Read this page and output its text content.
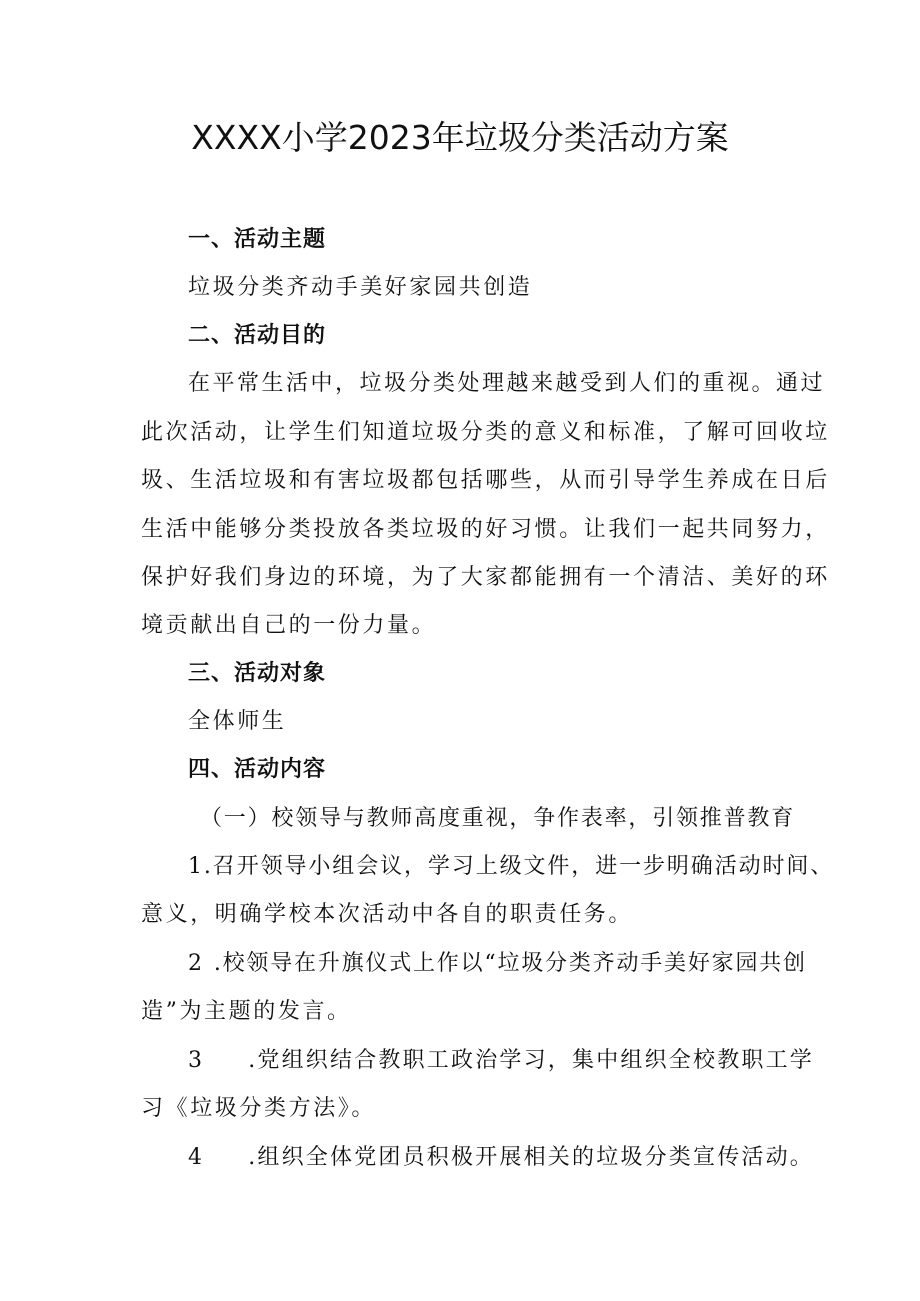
XXXX小学2023年垃圾分类活动方案
一、活动主题
垃圾分类齐动手美好家园共创造
二、活动目的
在平常生活中，垃圾分类处理越来越受到人们的重视。通过
此次活动，让学生们知道垃圾分类的意义和标准，了解可回收垃
圾、生活垃圾和有害垃圾都包括哪些，从而引导学生养成在日后
生活中能够分类投放各类垃圾的好习惯。让我们一起共同努力，
保护好我们身边的环境，为了大家都能拥有一个清洁、美好的环
境贡献出自己的一份力量。
三、活动对象
全体师生
四、活动内容
（一）校领导与教师高度重视，争作表率，引领推普教育
1.召开领导小组会议，学习上级文件，进一步明确活动时间、
意义，明确学校本次活动中各自的职责任务。
2 .校领导在升旗仪式上作以“垃圾分类齐动手美好家园共创
造”为主题的发言。
3 .党组织结合教职工政治学习，集中组织全校教职工学
习《垃圾分类方法》。
4 .组织全体党团员积极开展相关的垃圾分类宣传活动。
